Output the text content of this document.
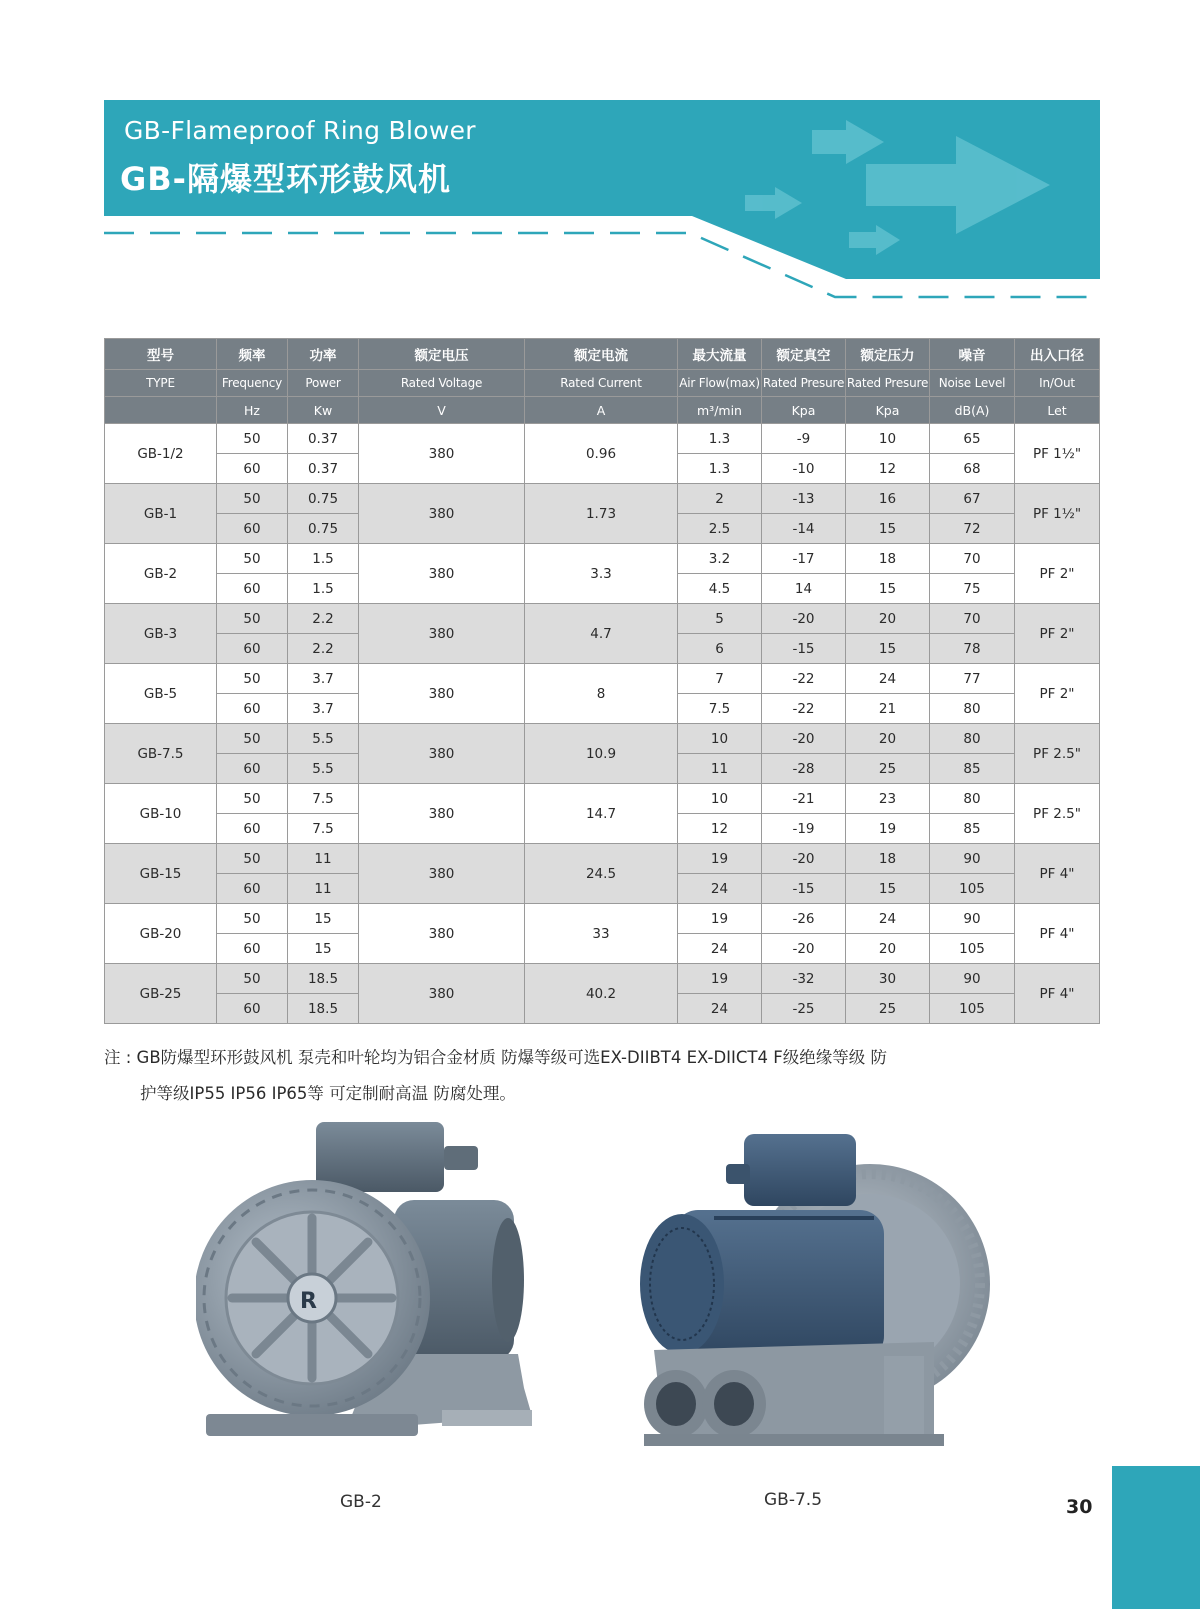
GB-Flameproof Ring Blower
GB-隔爆型环形鼓风机
型号	频率	功率	额定电压	额定电流	最大流量	额定真空	额定压力	噪音	出入口径
TYPE	Frequency	Power	Rated Voltage	Rated Current	Air Flow(max)	Rated Presure	Rated Presure	Noise Level	In/Out
	Hz	Kw	V	A	m³/min	Kpa	Kpa	dB(A)	Let
GB-1/2	50	0.37	380	0.96	1.3	-9	10	65	PF 1½"
	60	0.37			1.3	-10	12	68	
GB-1	50	0.75	380	1.73	2	-13	16	67	PF 1½"
	60	0.75			2.5	-14	15	72	
GB-2	50	1.5	380	3.3	3.2	-17	18	70	PF 2"
	60	1.5			4.5	14	15	75	
GB-3	50	2.2	380	4.7	5	-20	20	70	PF 2"
	60	2.2			6	-15	15	78	
GB-5	50	3.7	380	8	7	-22	24	77	PF 2"
	60	3.7			7.5	-22	21	80	
GB-7.5	50	5.5	380	10.9	10	-20	20	80	PF 2.5"
	60	5.5			11	-28	25	85	
GB-10	50	7.5	380	14.7	10	-21	23	80	PF 2.5"
	60	7.5			12	-19	19	85	
GB-15	50	11	380	24.5	19	-20	18	90	PF 4"
	60	11			24	-15	15	105	
GB-20	50	15	380	33	19	-26	24	90	PF 4"
	60	15			24	-20	20	105	
GB-25	50	18.5	380	40.2	19	-32	30	90	PF 4"
	60	18.5			24	-25	25	105	
注 : GB防爆型环形鼓风机 泵壳和叶轮均为铝合金材质 防爆等级可选EX-DIIBT4 EX-DIICT4 F级绝缘等级 防
护等级IP55 IP56 IP65等 可定制耐高温 防腐处理。
R
GB-2	GB-7.5	30
